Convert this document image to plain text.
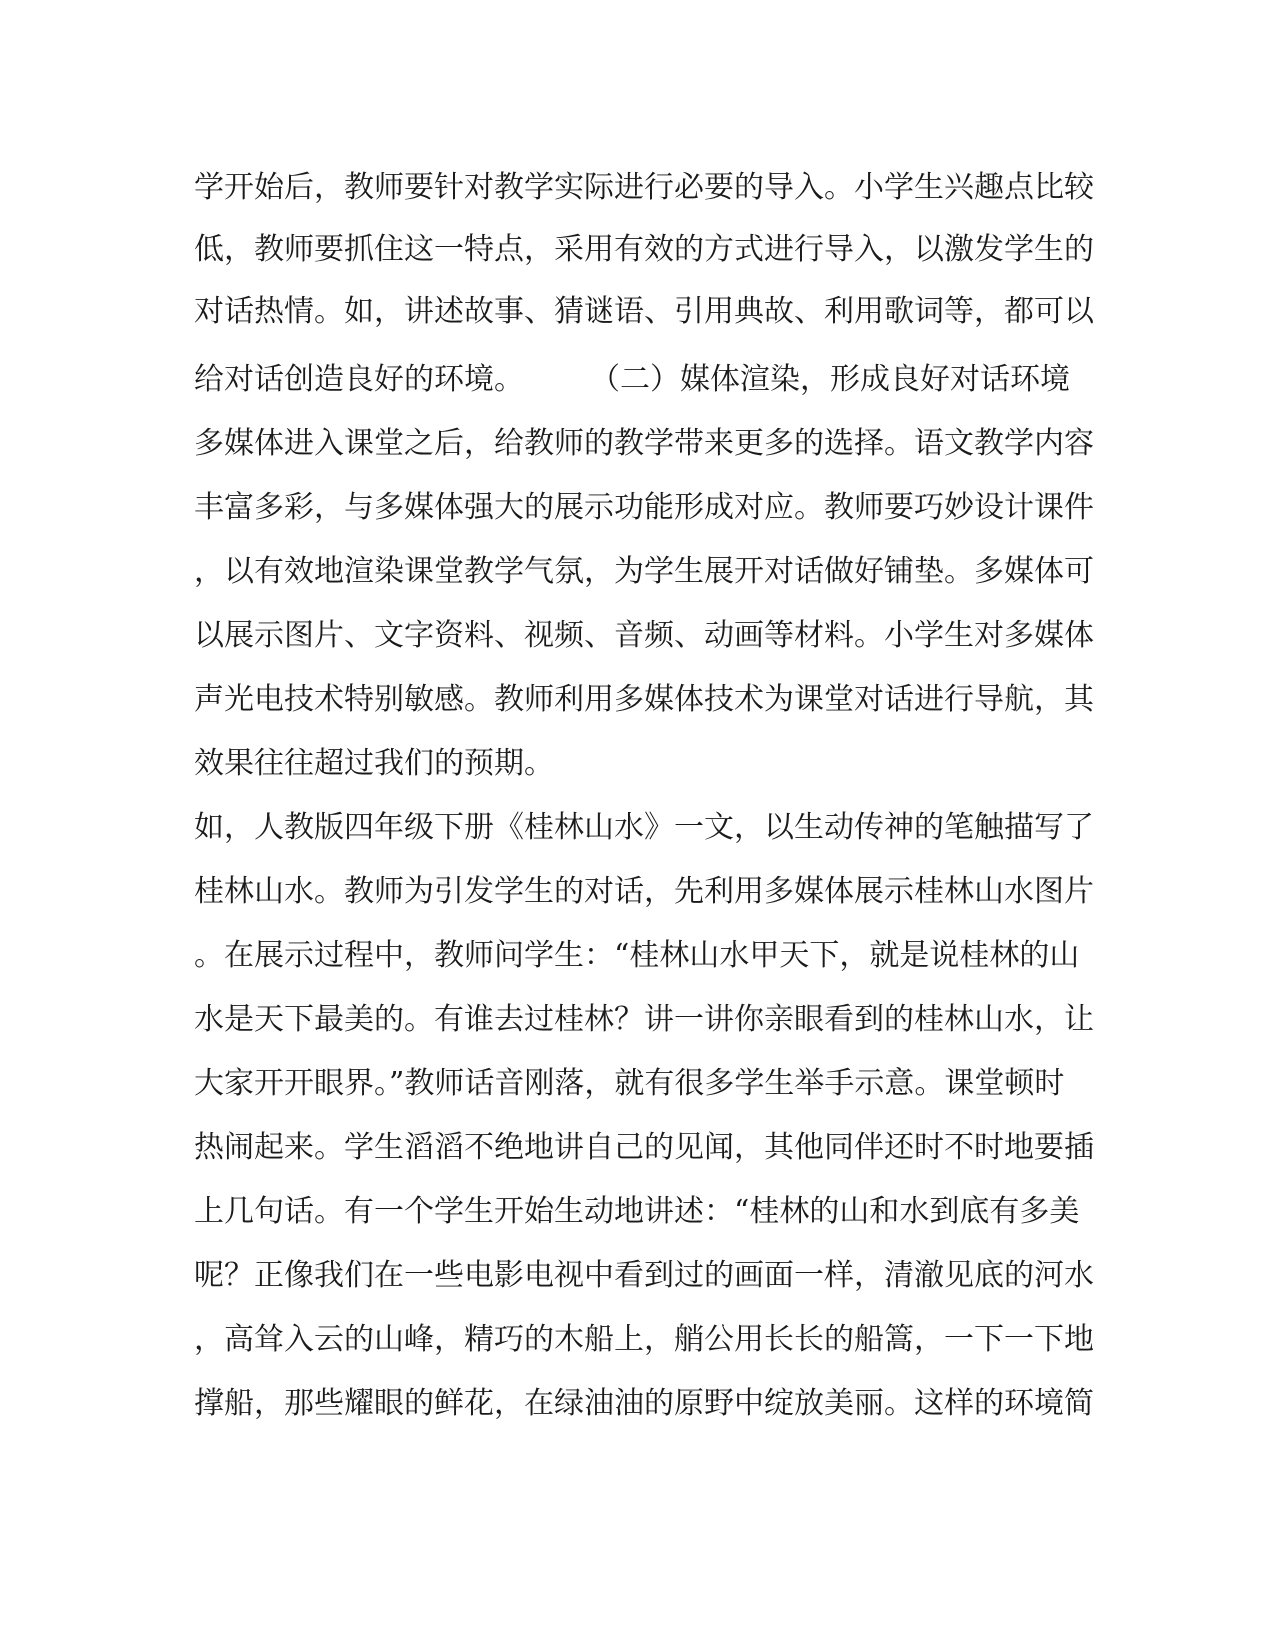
学开始后，教师要针对教学实际进行必要的导入。小学生兴趣点比较

低，教师要抓住这一特点，采用有效的方式进行导入，以激发学生的

对话热情。如，讲述故事、猜谜语、引用典故、利用歌词等，都可以

给对话创造良好的环境。 （二）媒体渲染，形成良好对话环境

多媒体进入课堂之后，给教师的教学带来更多的选择。语文教学内容

丰富多彩，与多媒体强大的展示功能形成对应。教师要巧妙设计课件

，以有效地渲染课堂教学气氛，为学生展开对话做好铺垫。多媒体可

以展示图片、文字资料、视频、音频、动画等材料。小学生对多媒体

声光电技术特别敏感。教师利用多媒体技术为课堂对话进行导航，其

效果往往超过我们的预期。

如，人教版四年级下册《桂林山水》一文，以生动传神的笔触描写了

桂林山水。教师为引发学生的对话，先利用多媒体展示桂林山水图片

。在展示过程中，教师问学生：“桂林山水甲天下，就是说桂林的山

水是天下最美的。有谁去过桂林？讲一讲你亲眼看到的桂林山水，让

大家开开眼界。”教师话音刚落，就有很多学生举手示意。课堂顿时

热闹起来。学生滔滔不绝地讲自己的见闻，其他同伴还时不时地要插

上几句话。有一个学生开始生动地讲述：“桂林的山和水到底有多美

呢？正像我们在一些电影电视中看到过的画面一样，清澈见底的河水

，高耸入云的山峰，精巧的木船上，艄公用长长的船篙，一下一下地

撑船，那些耀眼的鲜花，在绿油油的原野中绽放美丽。这样的环境简
